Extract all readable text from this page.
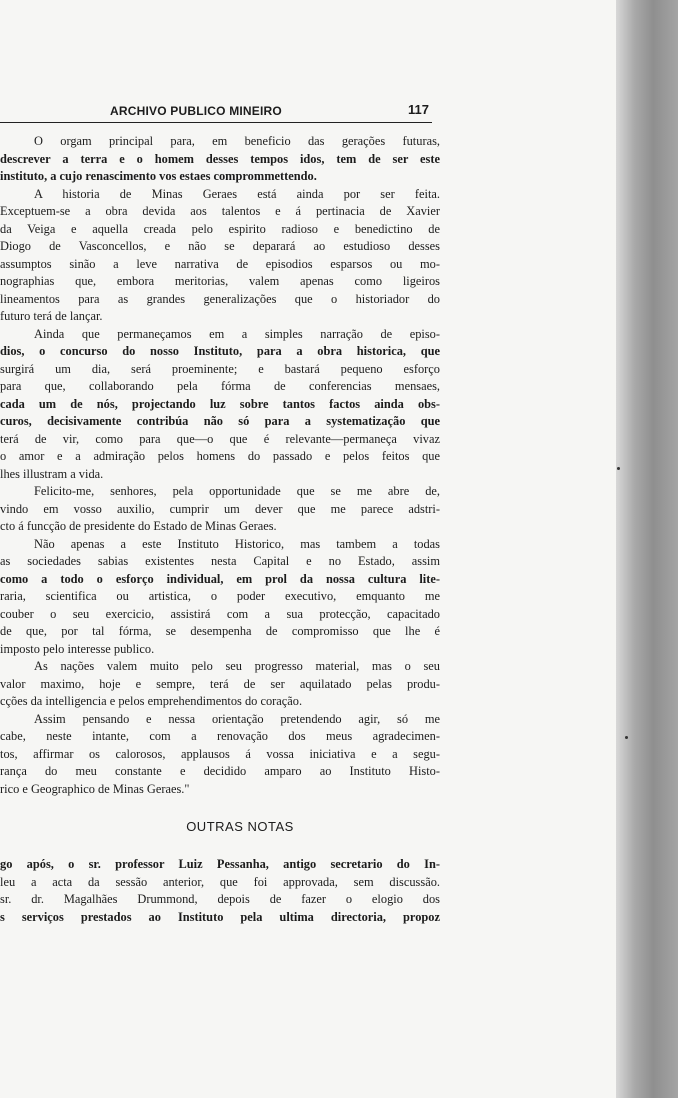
ARCHIVO PUBLICO MINEIRO	117
O orgam principal para, em beneficio das gerações futuras,
descrever a terra e o homem desses tempos idos, tem de ser este
instituto, a cujo renascimento vos estaes comprommettendo.
A historia de Minas Geraes está ainda por ser feita.
Exceptuem-se a obra devida aos talentos e á pertinacia de Xavier
da Veiga e aquella creada pelo espirito radioso e benedictino de
Diogo de Vasconcellos, e não se deparará ao estudioso desses
assumptos sinão a leve narrativa de episodios esparsos ou mo-
nographias que, embora meritorias, valem apenas como ligeiros
lineamentos para as grandes generalizações que o historiador do
futuro terá de lançar.
Ainda que permaneçamos em a simples narração de episo-
dios, o concurso do nosso Instituto, para a obra historica, que
surgirá um dia, será proeminente; e bastará pequeno esforço
para que, collaborando pela fórma de conferencias mensaes,
cada um de nós, projectando luz sobre tantos factos ainda obs-
curos, decisivamente contribúa não só para a systematização que
terá de vir, como para que—o que é relevante—permaneça vivaz
o amor e a admiração pelos homens do passado e pelos feitos que
lhes illustram a vida.
Felicito-me, senhores, pela opportunidade que se me abre de,
vindo em vosso auxilio, cumprir um dever que me parece adstri-
cto á funcção de presidente do Estado de Minas Geraes.
Não apenas a este Instituto Historico, mas tambem a todas
as sociedades sabias existentes nesta Capital e no Estado, assim
como a todo o esforço individual, em prol da nossa cultura lite-
raria, scientifica ou artistica, o poder executivo, emquanto me
couber o seu exercicio, assistirá com a sua protecção, capacitado
de que, por tal fórma, se desempenha de compromisso que lhe é
imposto pelo interesse publico.
As nações valem muito pelo seu progresso material, mas o seu
valor maximo, hoje e sempre, terá de ser aquilatado pelas produ-
cções da intelligencia e pelos emprehendimentos do coração.
Assim pensando e nessa orientação pretendendo agir, só me
cabe, neste intante, com a renovação dos meus agradecimen-
tos, affirmar os calorosos, applausos á vossa iniciativa e a segu-
rança do meu constante e decidido amparo ao Instituto Histo-
rico e Geographico de Minas Geraes."
OUTRAS NOTAS
go após, o sr. professor Luiz Pessanha, antigo secretario do In-
leu a acta da sessão anterior, que foi approvada, sem discussão.
sr. dr. Magalhães Drummond, depois de fazer o elogio dos
s serviços prestados ao Instituto pela ultima directoria, propoz
